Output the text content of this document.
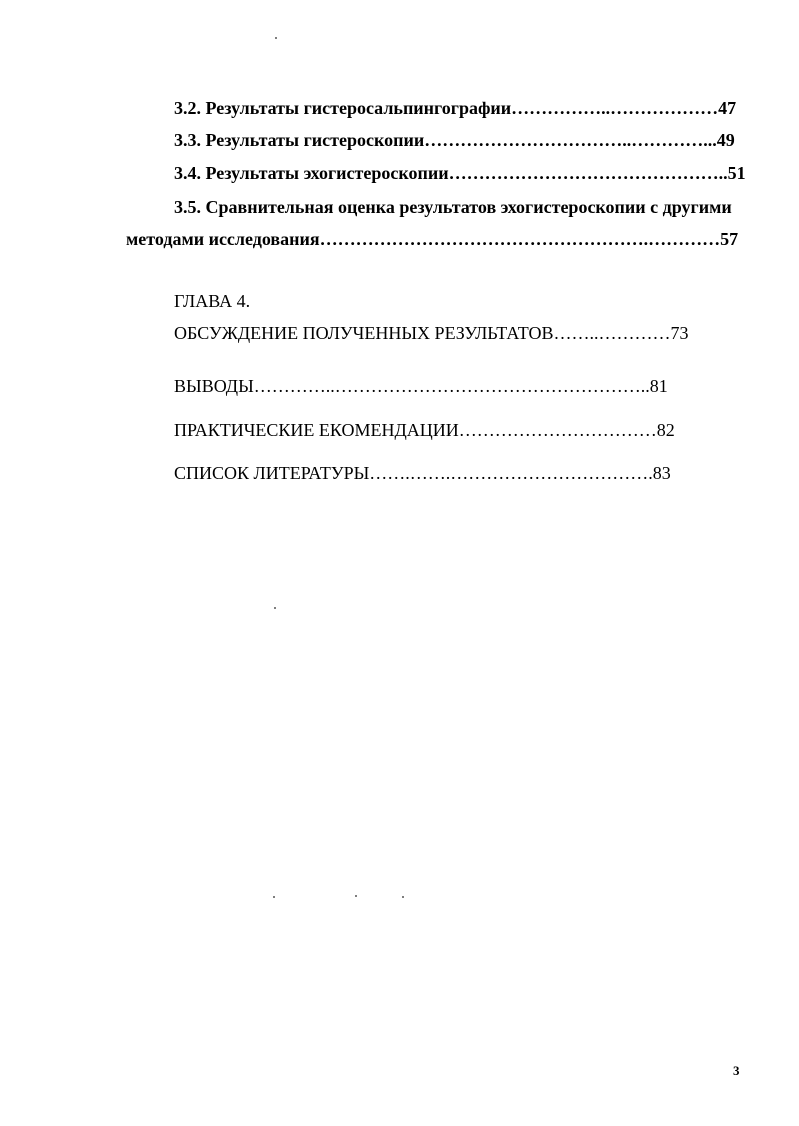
3.2. Результаты гистеросальпингографии……………..………………47
3.3. Результаты гистероскопии……………………………..…………...49
3.4. Результаты эхогистероскопии………………………………………..51
3.5. Сравнительная оценка результатов эхогистероскопии с другими
методами исследования……………………………………………….…………57
ГЛАВА 4.
ОБСУЖДЕНИЕ ПОЛУЧЕННЫХ РЕЗУЛЬТАТОВ……..…………73
ВЫВОДЫ…………..……………………………………………..81
ПРАКТИЧЕСКИЕ ЕКОМЕНДАЦИИ……………………………82
СПИСОК ЛИТЕРАТУРЫ…….…….…………………………….83
3
